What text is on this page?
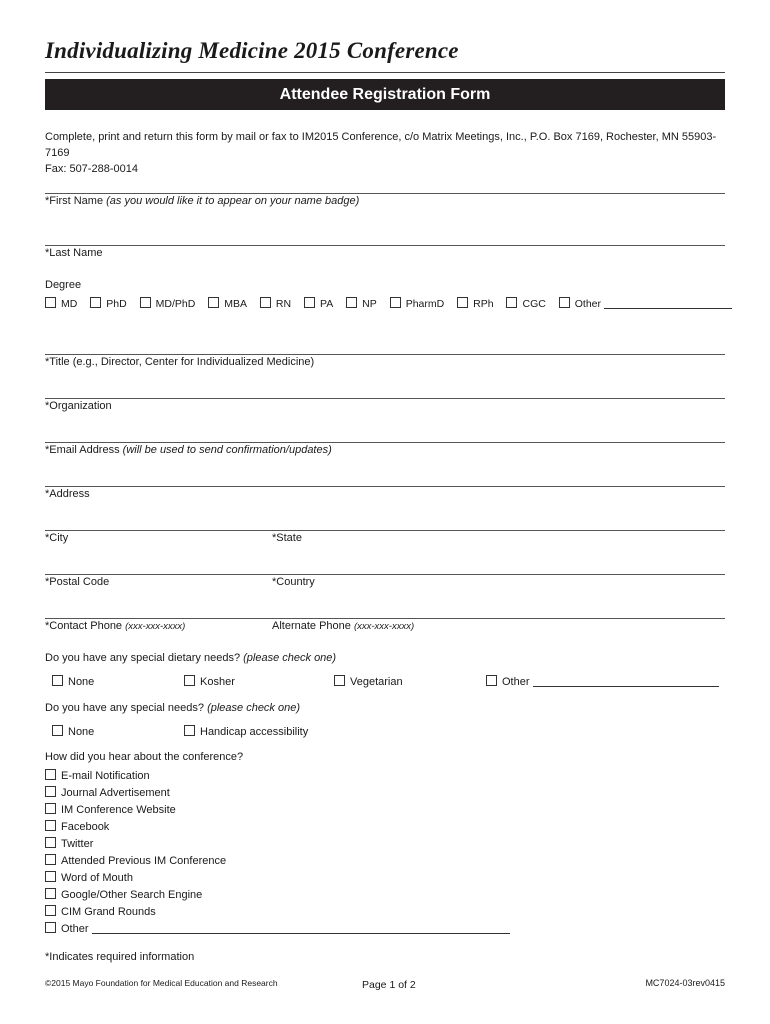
Individualizing Medicine 2015 Conference
Attendee Registration Form
Complete, print and return this form by mail or fax to IM2015 Conference, c/o Matrix Meetings, Inc., P.O. Box 7169, Rochester, MN 55903-7169
Fax: 507-288-0014
*First Name (as you would like it to appear on your name badge)
*Last Name
Degree
MD	PhD	MD/PhD	MBA	RN	PA	NP	PharmD	RPh	CGC	Other
*Title (e.g., Director, Center for Individualized Medicine)
*Organization
*Email Address (will be used to send confirmation/updates)
*Address
*City	*State
*Postal Code	*Country
*Contact Phone (xxx-xxx-xxxx)	Alternate Phone (xxx-xxx-xxxx)
Do you have any special dietary needs? (please check one)
None	Kosher	Vegetarian	Other
Do you have any special needs? (please check one)
None	Handicap accessibility
How did you hear about the conference?
E-mail Notification
Journal Advertisement
IM Conference Website
Facebook
Twitter
Attended Previous IM Conference
Word of Mouth
Google/Other Search Engine
CIM Grand Rounds
Other
*Indicates required information
©2015 Mayo Foundation for Medical Education and Research	Page 1 of 2	MC7024-03rev0415
